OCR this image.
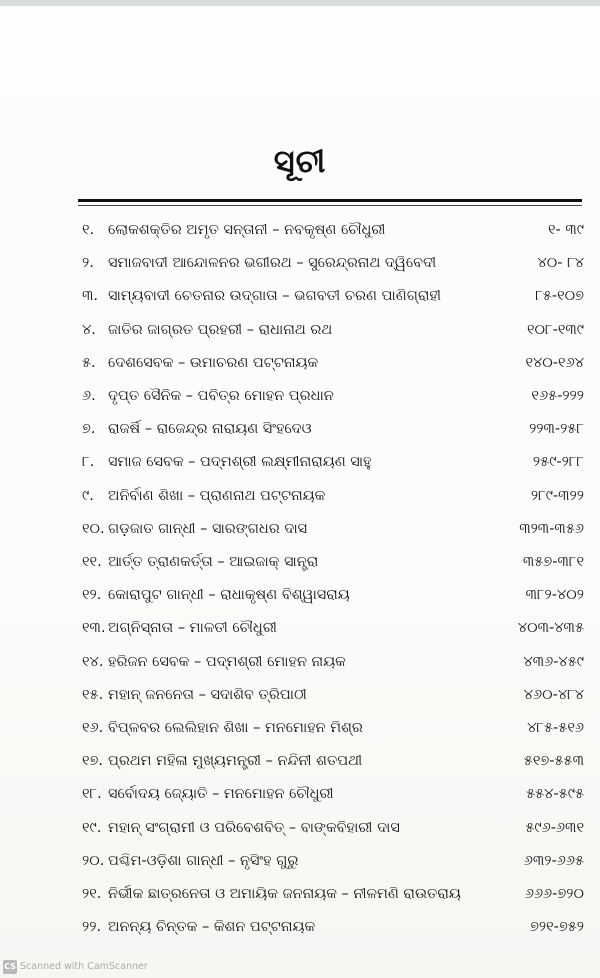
ସୂଚୀ
୧. ଲୋକଶକ୍ତିର ଅମୃତ ସନ୍ତାନୀ – ନବକୃଷ୍ଣ ଚୌଧୁରୀ	୧- ୩୯
୨. ସମାଜବାଦୀ ଆନ୍ଦୋଳନର ଭଗୀରଥ – ସୁରେନ୍ଦ୍ରନାଥ ଦ୍ୱିବେଦୀ	୪୦- ୮୪
୩. ସାମ୍ୟବାଦୀ ଚେତନାର ଉଦ୍‌ଗାତା – ଭଗବତୀ ଚରଣ ପାଣିଗ୍ରାହୀ	୮୫-୧୦୭
୪. ଜାତିର ଜାଗ୍ରତ ପ୍ରହରୀ – ରାଧାନାଥ ରଥ	୧୦୮-୧୩୯
୫. ଦେଶସେବକ – ଉମାଚରଣ ପଟ୍ଟନାୟକ	୧୪୦-୧୬୪
୬. ଦୃପ୍ତ ସୈନିକ – ପବିତ୍ର ମୋହନ ପ୍ରଧାନ	୧୬୫-୨୨୨
୭. ରାଜର୍ଷି – ରାଜେନ୍ଦ୍ର ନାରାୟଣ ସିଂହଦେଓ	୨୨୩-୨୫୮
୮. ସମାଜ ସେବକ – ପଦ୍ମଶ୍ରୀ ଲକ୍ଷ୍ମୀନାରାୟଣ ସାହୁ	୨୫୯-୨୮୮
୯. ଅନିର୍ବାଣ ଶିଖା – ପ୍ରାଣନାଥ ପଟ୍ଟନାୟକ	୨୮୯-୩୨୨
୧୦. ଗଡ଼ଜାତ ଗାନ୍ଧୀ – ସାରଙ୍ଗଧର ଦାସ	୩୨୩-୩୫୬
୧୧. ଆର୍ତ୍ତ ତ୍ରାଣକର୍ତ୍ତା – ଆଇଜାକ୍ ସାନ୍ତ୍ରା	୩୫୭-୩୮୧
୧୨. କୋରାପୁଟ ଗାନ୍ଧୀ – ରାଧାକୃଷ୍ଣ ବିଶ୍ୱାସରାୟ	୩୮୨-୪୦୨
୧୩. ଅଗ୍ନିସ୍ନାତା – ମାଳତୀ ଚୌଧୁରୀ	୪୦୩-୪୩୫
୧୪. ହରିଜନ ସେବକ – ପଦ୍ମଶ୍ରୀ ମୋହନ ନାୟକ	୪୩୬-୪୫୯
୧୫. ମହାନ୍ ଜନନେତା – ସଦାଶିବ ତ୍ରିପାଠୀ	୪୬୦-୪୮୪
୧୬. ବିପ୍ଳବର ଲେଲିହାନ ଶିଖା – ମନମୋହନ ମିଶ୍ର	୪୮୫-୫୧୬
୧୭. ପ୍ରଥମ ମହିଳା ମୁଖ୍ୟମନ୍ତ୍ରୀ – ନନ୍ଦିନୀ ଶତପଥୀ	୫୧୭-୫୫୩
୧୮. ସର୍ବୋଦୟ ଜ୍ୟୋତି – ମନମୋହନ ଚୌଧୁରୀ	୫୫୪-୫୯୫
୧୯. ମହାନ୍ ସଂଗ୍ରାମୀ ଓ ପରିବେଶବିତ୍ – ବାଙ୍କବିହାରୀ ଦାସ	୫୯୬-୬୩୧
୨୦. ପଶ୍ଚିମ-ଓଡ଼ିଶା ଗାନ୍ଧୀ – ନୃସିଂହ ଗୁରୁ	୬୩୨-୬୬୫
୨୧. ନିର୍ଭୀକ ଛାତ୍ରନେତା ଓ ଅମାୟିକ ଜନନାୟକ – ନୀଳମଣି ରାଉତରାୟ	୬୬୬-୭୨୦
୨୨. ଅନନ୍ୟ ଚିନ୍ତକ – କିଶନ ପଟ୍ଟନାୟକ	୭୨୧-୭୫୨
CS Scanned with CamScanner
